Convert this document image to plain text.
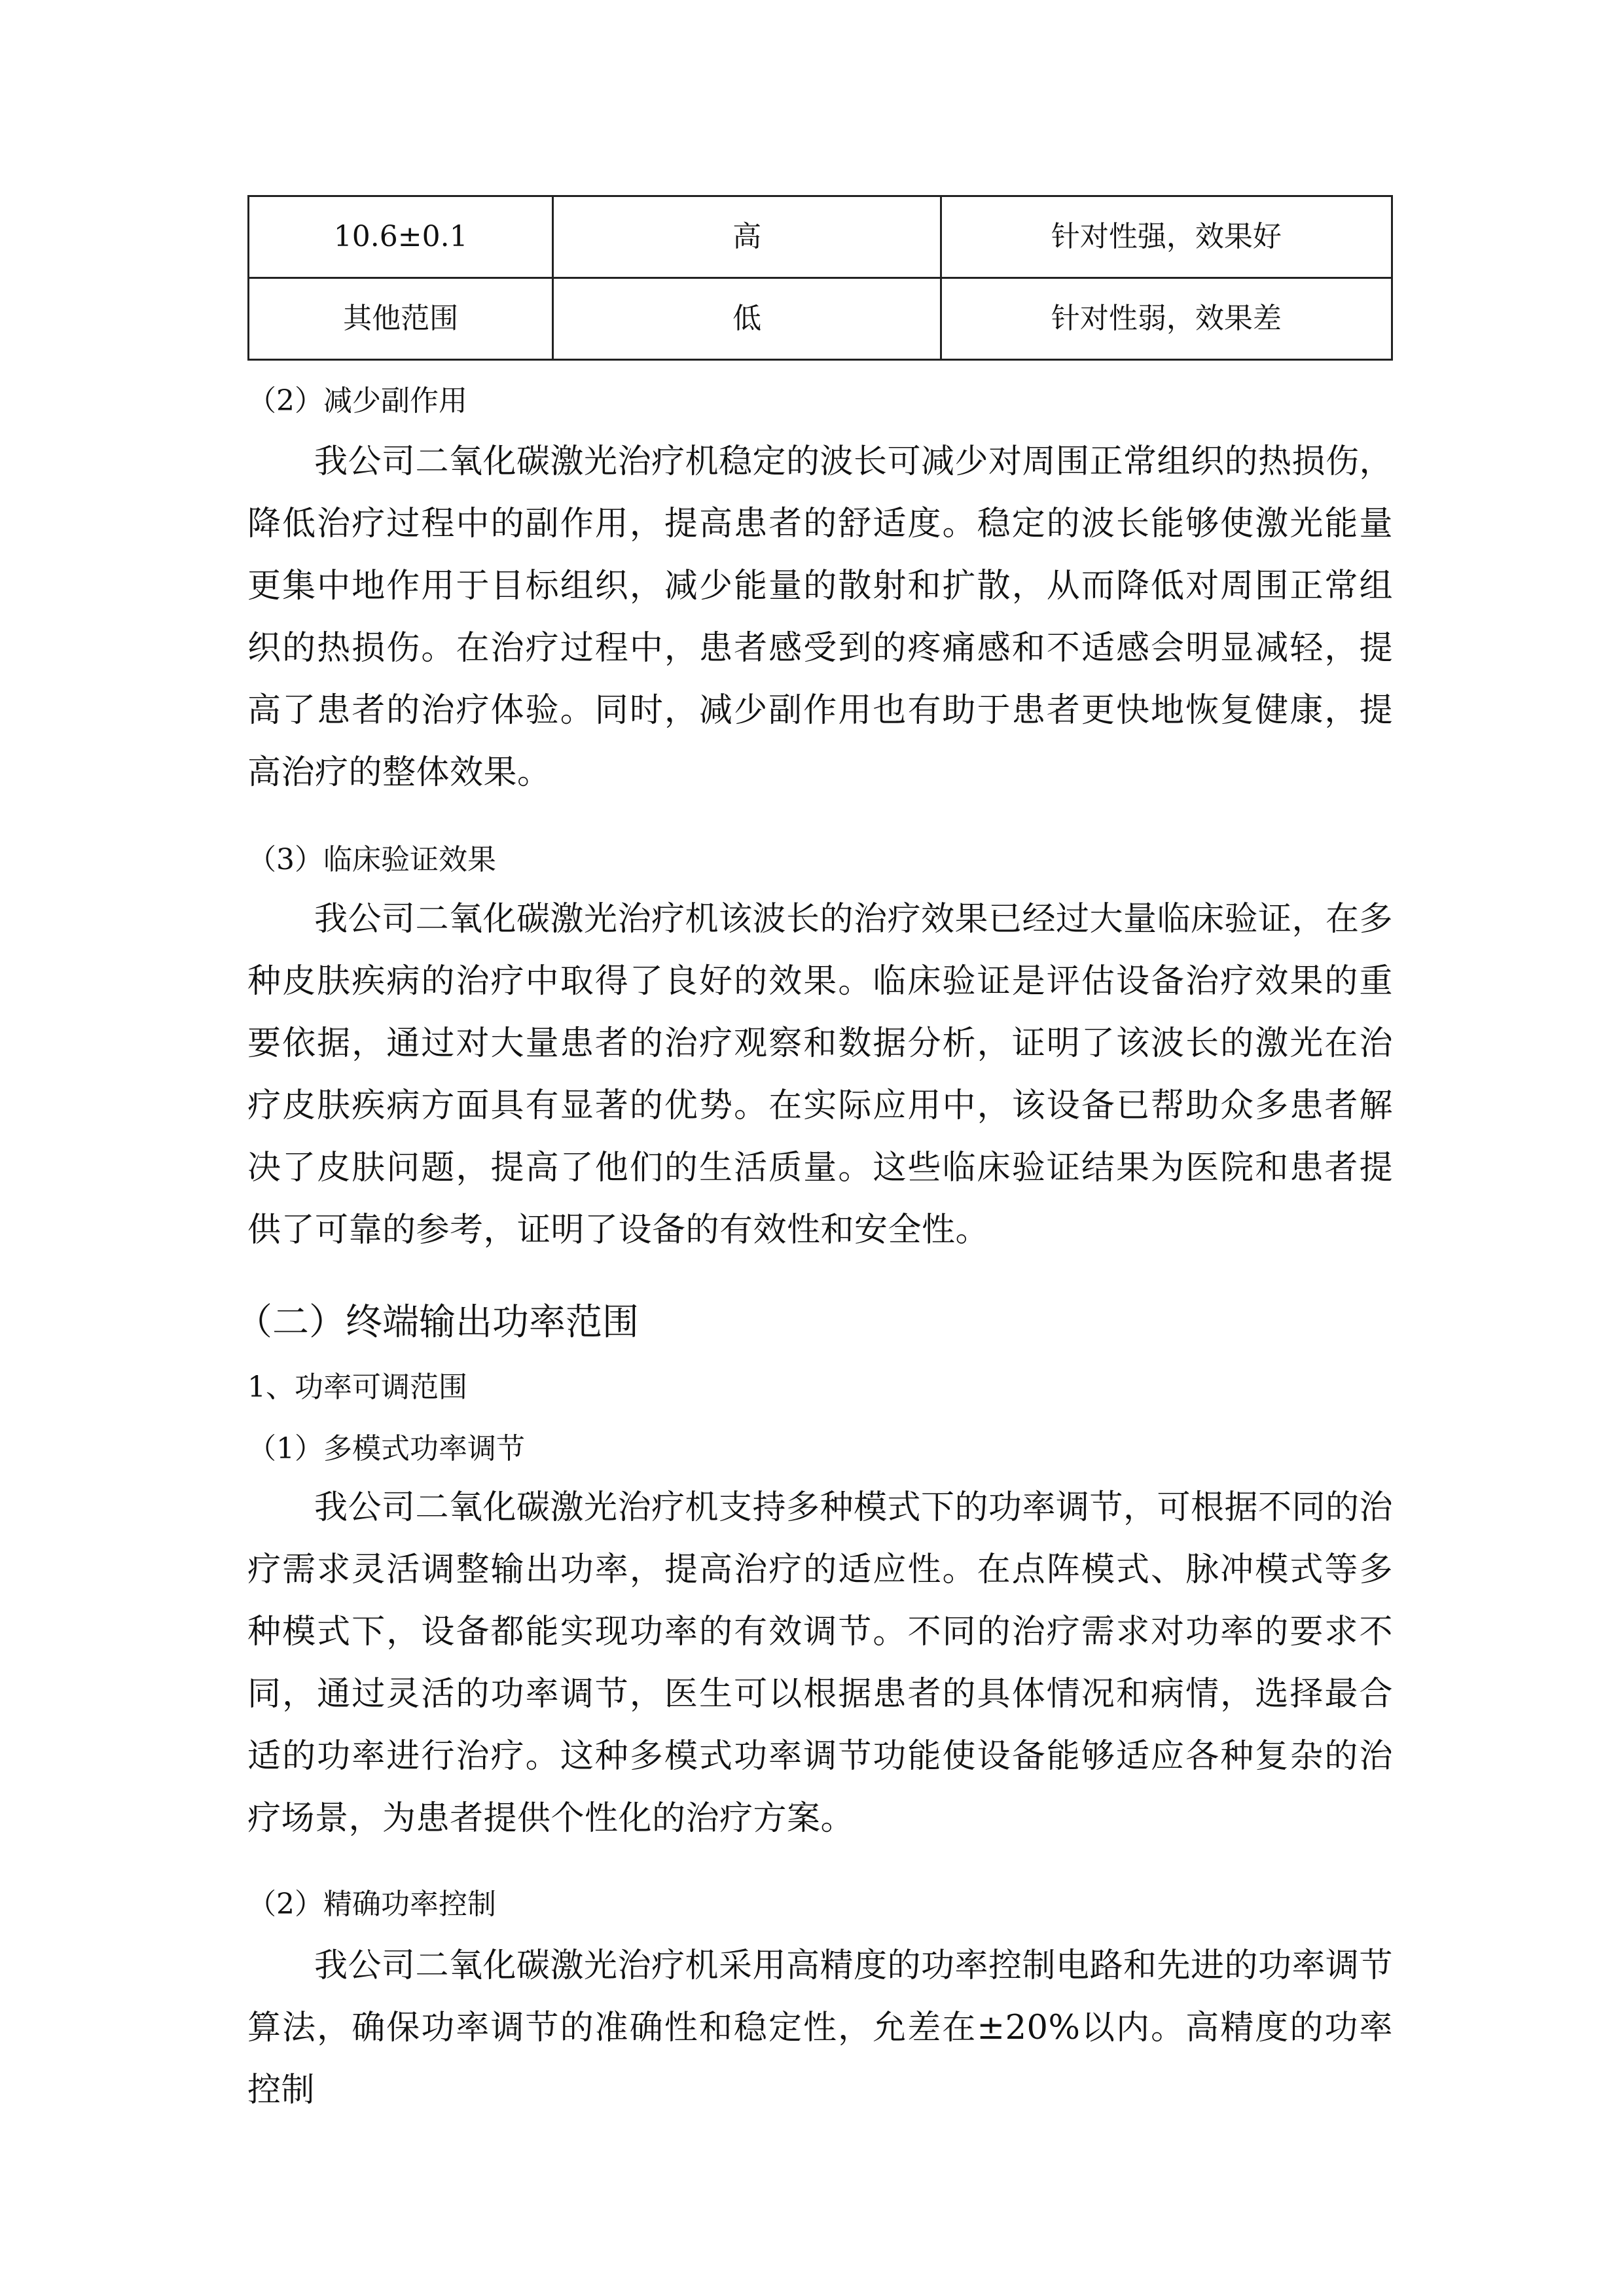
10.6±0.1	高	针对性强，效果好
其他范围	低	针对性弱，效果差
（2）减少副作用
我公司二氧化碳激光治疗机稳定的波长可减少对周围正常组织的热损伤，降低治疗过程中的副作用，提高患者的舒适度。稳定的波长能够使激光能量更集中地作用于目标组织，减少能量的散射和扩散，从而降低对周围正常组织的热损伤。在治疗过程中，患者感受到的疼痛感和不适感会明显减轻，提高了患者的治疗体验。同时，减少副作用也有助于患者更快地恢复健康，提高治疗的整体效果。
（3）临床验证效果
我公司二氧化碳激光治疗机该波长的治疗效果已经过大量临床验证，在多种皮肤疾病的治疗中取得了良好的效果。临床验证是评估设备治疗效果的重要依据，通过对大量患者的治疗观察和数据分析，证明了该波长的激光在治疗皮肤疾病方面具有显著的优势。在实际应用中，该设备已帮助众多患者解决了皮肤问题，提高了他们的生活质量。这些临床验证结果为医院和患者提供了可靠的参考，证明了设备的有效性和安全性。
（二）终端输出功率范围
1、功率可调范围
（1）多模式功率调节
我公司二氧化碳激光治疗机支持多种模式下的功率调节，可根据不同的治疗需求灵活调整输出功率，提高治疗的适应性。在点阵模式、脉冲模式等多种模式下，设备都能实现功率的有效调节。不同的治疗需求对功率的要求不同，通过灵活的功率调节，医生可以根据患者的具体情况和病情，选择最合适的功率进行治疗。这种多模式功率调节功能使设备能够适应各种复杂的治疗场景，为患者提供个性化的治疗方案。
（2）精确功率控制
我公司二氧化碳激光治疗机采用高精度的功率控制电路和先进的功率调节算法，确保功率调节的准确性和稳定性，允差在±20%以内。高精度的功率控制
